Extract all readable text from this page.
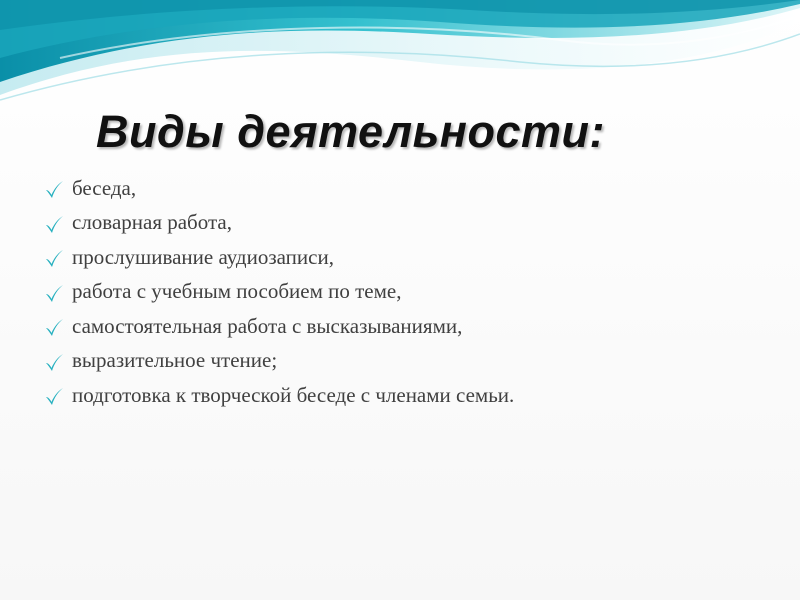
Виды деятельности:
беседа,
словарная работа,
прослушивание аудиозаписи,
работа с учебным пособием по теме,
самостоятельная работа с высказываниями,
выразительное чтение;
подготовка к творческой беседе с членами семьи.
